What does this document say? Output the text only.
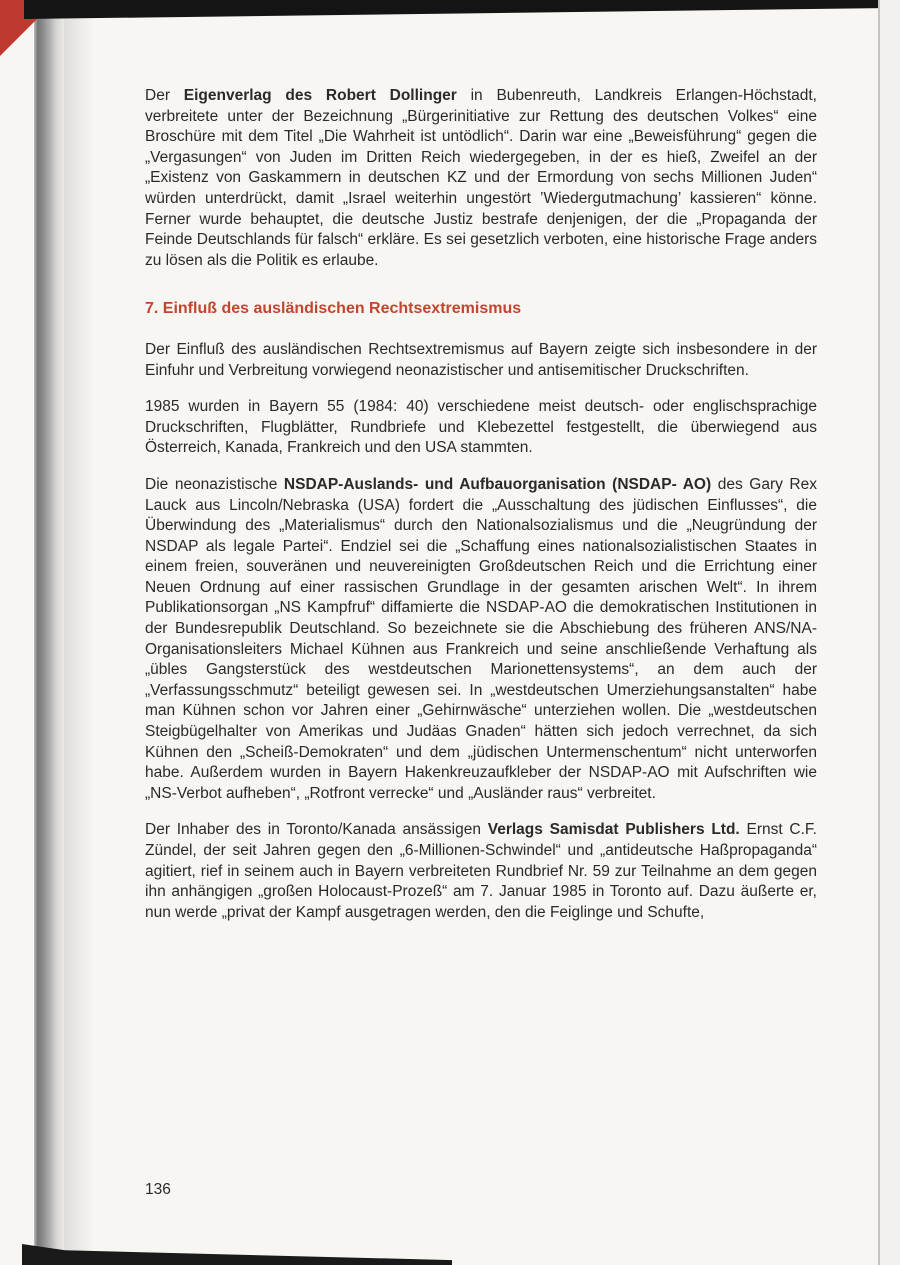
Der Eigenverlag des Robert Dollinger in Bubenreuth, Landkreis Erlangen-Höchstadt, verbreitete unter der Bezeichnung „Bürgerinitiative zur Rettung des deutschen Volkes“ eine Broschüre mit dem Titel „Die Wahrheit ist untödlich“. Darin war eine „Beweisführung“ gegen die „Vergasungen“ von Juden im Dritten Reich wiedergegeben, in der es hieß, Zweifel an der „Existenz von Gaskammern in deutschen KZ und der Ermordung von sechs Millionen Juden“ würden unterdrückt, damit „Israel weiterhin ungestört ’Wiedergutmachung’ kassieren“ könne. Ferner wurde behauptet, die deutsche Justiz bestrafe denjenigen, der die „Propaganda der Feinde Deutschlands für falsch“ erkläre. Es sei gesetzlich verboten, eine historische Frage anders zu lösen als die Politik es erlaube.

7. Einfluß des ausländischen Rechtsextremismus

Der Einfluß des ausländischen Rechtsextremismus auf Bayern zeigte sich insbesondere in der Einfuhr und Verbreitung vorwiegend neonazistischer und antisemitischer Druckschriften.

1985 wurden in Bayern 55 (1984: 40) verschiedene meist deutsch- oder englischsprachige Druckschriften, Flugblätter, Rundbriefe und Klebezettel festgestellt, die überwiegend aus Österreich, Kanada, Frankreich und den USA stammten.

Die neonazistische NSDAP-Auslands- und Aufbauorganisation (NSDAP- AO) des Gary Rex Lauck aus Lincoln/Nebraska (USA) fordert die „Ausschaltung des jüdischen Einflusses“, die Überwindung des „Materialismus“ durch den Nationalsozialismus und die „Neugründung der NSDAP als legale Partei“. Endziel sei die „Schaffung eines nationalsozialistischen Staates in einem freien, souveränen und neuvereinigten Großdeutschen Reich und die Errichtung einer Neuen Ordnung auf einer rassischen Grundlage in der gesamten arischen Welt“. In ihrem Publikationsorgan „NS Kampfruf“ diffamierte die NSDAP-AO die demokratischen Institutionen in der Bundesrepublik Deutschland. So bezeichnete sie die Abschiebung des früheren ANS/NA-Organisationsleiters Michael Kühnen aus Frankreich und seine anschließende Verhaftung als „übles Gangsterstück des westdeutschen Marionettensystems“, an dem auch der „Verfassungsschmutz“ beteiligt gewesen sei. In „westdeutschen Umerziehungsanstalten“ habe man Kühnen schon vor Jahren einer „Gehirnwäsche“ unterziehen wollen. Die „westdeutschen Steigbügelhalter von Amerikas und Judäas Gnaden“ hätten sich jedoch verrechnet, da sich Kühnen den „Scheiß-Demokraten“ und dem „jüdischen Untermenschentum“ nicht unterworfen habe. Außerdem wurden in Bayern Hakenkreuzaufkleber der NSDAP-AO mit Aufschriften wie „NS-Verbot aufheben“, „Rotfront verrecke“ und „Ausländer raus“ verbreitet.

Der Inhaber des in Toronto/Kanada ansässigen Verlags Samisdat Publishers Ltd. Ernst C.F. Zündel, der seit Jahren gegen den „6-Millionen-Schwindel“ und „antideutsche Haßpropaganda“ agitiert, rief in seinem auch in Bayern verbreiteten Rundbrief Nr. 59 zur Teilnahme an dem gegen ihn anhängigen „großen Holocaust-Prozeß“ am 7. Januar 1985 in Toronto auf. Dazu äußerte er, nun werde „privat der Kampf ausgetragen werden, den die Feiglinge und Schufte,

136
